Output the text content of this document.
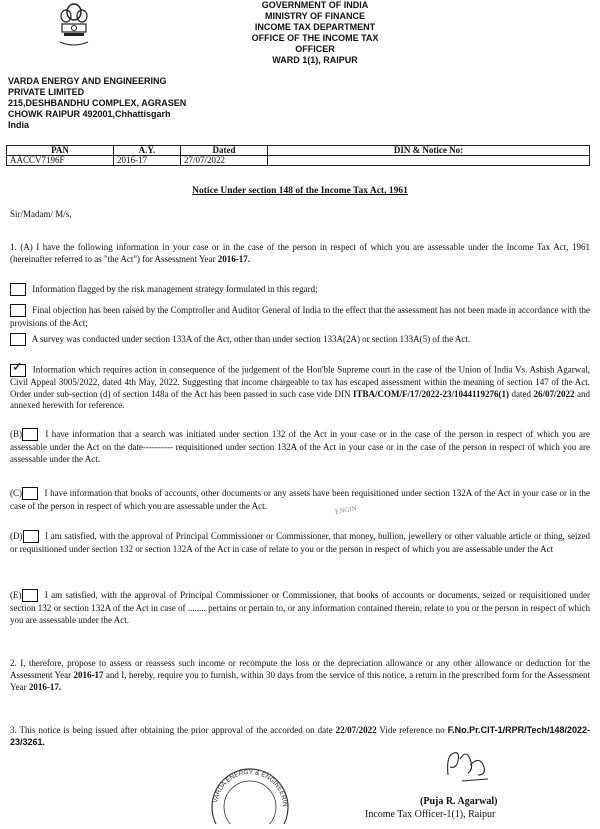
GOVERNMENT OF INDIA
MINISTRY OF FINANCE
INCOME TAX DEPARTMENT
OFFICE OF THE INCOME TAX
OFFICER
WARD 1(1), RAIPUR
VARDA ENERGY AND ENGINEERING
PRIVATE LIMITED
215,DESHBANDHU COMPLEX, AGRASEN
CHOWK RAIPUR 492001,Chhattisgarh
India
PAN	A.Y.	Dated	DIN & Notice No:
AACCV7196F	2016-17	27/07/2022	
Notice Under section 148 of the Income Tax Act, 1961
Sir/Madam/ M/s,
1. (A) I have the following information in your case or in the case of the person in respect of which you are assessable under the Income Tax Act, 1961 (hereinafter referred to as "the Act") for Assessment Year 2016-17.
Information flagged by the risk management strategy formulated in this regard;
Final objection has been raised by the Comptroller and Auditor General of India to the effect that the assessment has not been made in accordance with the provisions of the Act;
A survey was conducted under section 133A of the Act, other than under section 133A(2A) or section 133A(5) of the Act.
✓ Information which requires action in consequence of the judgement of the Hon'ble Supreme court in the case of the Union of India Vs. Ashish Agarwal, Civil Appeal 3005/2022, dated 4th May, 2022. Suggesting that income chargeable to tax has escaped assessment within the meaning of section 147 of the Act. Order under sub-section (d) of section 148a of the Act has been passed in such case vide DIN ITBA/COM/F/17/2022-23/1044119276(1) dated 26/07/2022 and annexed herewith for reference.
(B)	I have information that a search was initiated under section 132 of the Act in your case or in the case of the person in respect of which you are assessable under the Act on the date---------- requisitioned under section 132A of the Act in your case or in the case of the person in respect of which you are assessable under the Act.
(C)	I have information that books of accounts, other documents or any assets have been requisitioned under section 132A of the Act in your case or in the case of the person in respect of which you are assessable under the Act.	ENGIN
(D)	I am satisfied, with the approval of Principal Commissioner or Commissioner, that money, bullion, jewellery or other valuable article or thing, seized or requisitioned under section 132 or section 132A of the Act in case of relate to you or the person in respect of which you are assessable under the Act
(E)	I am satisfied, with the approval of Principal Commissioner or Commissioner, that books of accounts or documents, seized or requisitioned under section 132 or section 132A of the Act in case of ........ pertains or pertain to, or any information contained therein, relate to you or the person in respect of which you are assessable under the Act.
2. I, therefore, propose to assess or reassess such income or recompute the loss or the depreciation allowance or any other allowance or deduction for the Assessment Year 2016-17 and I, hereby, require you to furnish, within 30 days from the service of this notice, a return in the prescribed form for the Assessment Year 2016-17.
3. This notice is being issued after obtaining the prior approval of the accorded on date 22/07/2022 Vide reference no F.No.Pr.CIT-1/RPR/Tech/148/2022-23/3261.
VARDA ENERGY & ENGINEERIN	(Puja R. Agarwal)
Income Tax Officer-1(1), Raipur
